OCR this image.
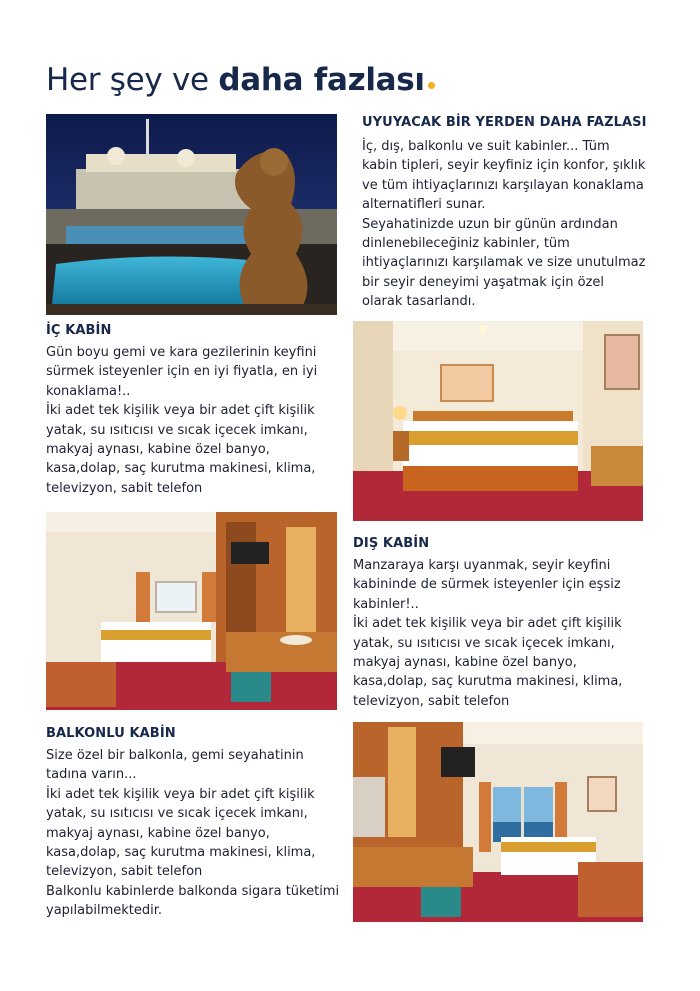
Her şey ve daha fazlası
UYUYACAK BİR YERDEN DAHA FAZLASI

İç, dış, balkonlu ve suit kabinler... Tüm kabin tipleri, seyir keyfiniz için konfor, şıklık ve tüm ihtiyaçlarınızı karşılayan konaklama alternatifleri sunar.

Seyahatinizde uzun bir günün ardından dinlenebileceğiniz kabinler, tüm ihtiyaçlarınızı karşılamak ve size unutulmaz bir seyir deneyimi yaşatmak için özel olarak tasarlandı.

İÇ KABİN

Gün boyu gemi ve kara gezilerinin keyfini sürmek isteyenler için en iyi fiyatla, en iyi konaklama!..

İki adet tek kişilik veya bir adet çift kişilik yatak, su ısıtıcısı ve sıcak içecek imkanı, makyaj aynası, kabine özel banyo, kasa,dolap, saç kurutma makinesi, klima, televizyon, sabit telefon

DIŞ KABİN

Manzaraya karşı uyanmak, seyir keyfini kabininde de sürmek isteyenler için eşsiz kabinler!..

İki adet tek kişilik veya bir adet çift kişilik yatak, su ısıtıcısı ve sıcak içecek imkanı, makyaj aynası, kabine özel banyo, kasa,dolap, saç kurutma makinesi, klima, televizyon, sabit telefon

BALKONLU KABİN

Size özel bir balkonla, gemi seyahatinin tadına varın...

İki adet tek kişilik veya bir adet çift kişilik yatak, su ısıtıcısı ve sıcak içecek imkanı, makyaj aynası, kabine özel banyo, kasa,dolap, saç kurutma makinesi, klima, televizyon, sabit telefon

Balkonlu kabinlerde balkonda sigara tüketimi yapılabilmektedir.
